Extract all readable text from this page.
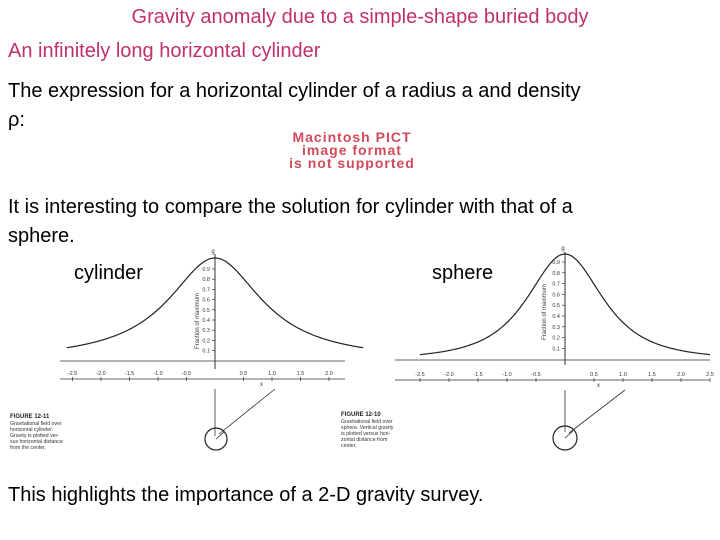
Gravity anomaly due to a simple-shape buried body
An infinitely long horizontal cylinder
The expression for a horizontal cylinder of a radius a and density
ρ:
Macintosh PICT
image format
is not supported
It is interesting to compare the solution for cylinder with that of a
sphere.
g
Fraction of maximum
0.9
0.8
0.7
0.6
0.5
0.4
0.3
0.2
0.1
-2.5	-2.0	-1.5	-1.0	-0.5	0.5	1.0	1.5	2.0
x
FIGURE 12-11
Gravitational field over
horizontal cylinder.
Gravity is plotted ver-
sus horizontal distance
from the center.
g
Fraction of maximum
0.9
0.8
0.7
0.6
0.5
0.4
0.3
0.2
0.1
-2.5	-2.0	-1.5	-1.0	-0.5	0.5	1.0	1.5	2.0	2.5
x
FIGURE 12-10
Gravitational field over
sphere. Vertical gravity
is plotted versus hori-
zontal distance from
center.
cylinder	sphere
This highlights the importance of a 2-D gravity survey.
